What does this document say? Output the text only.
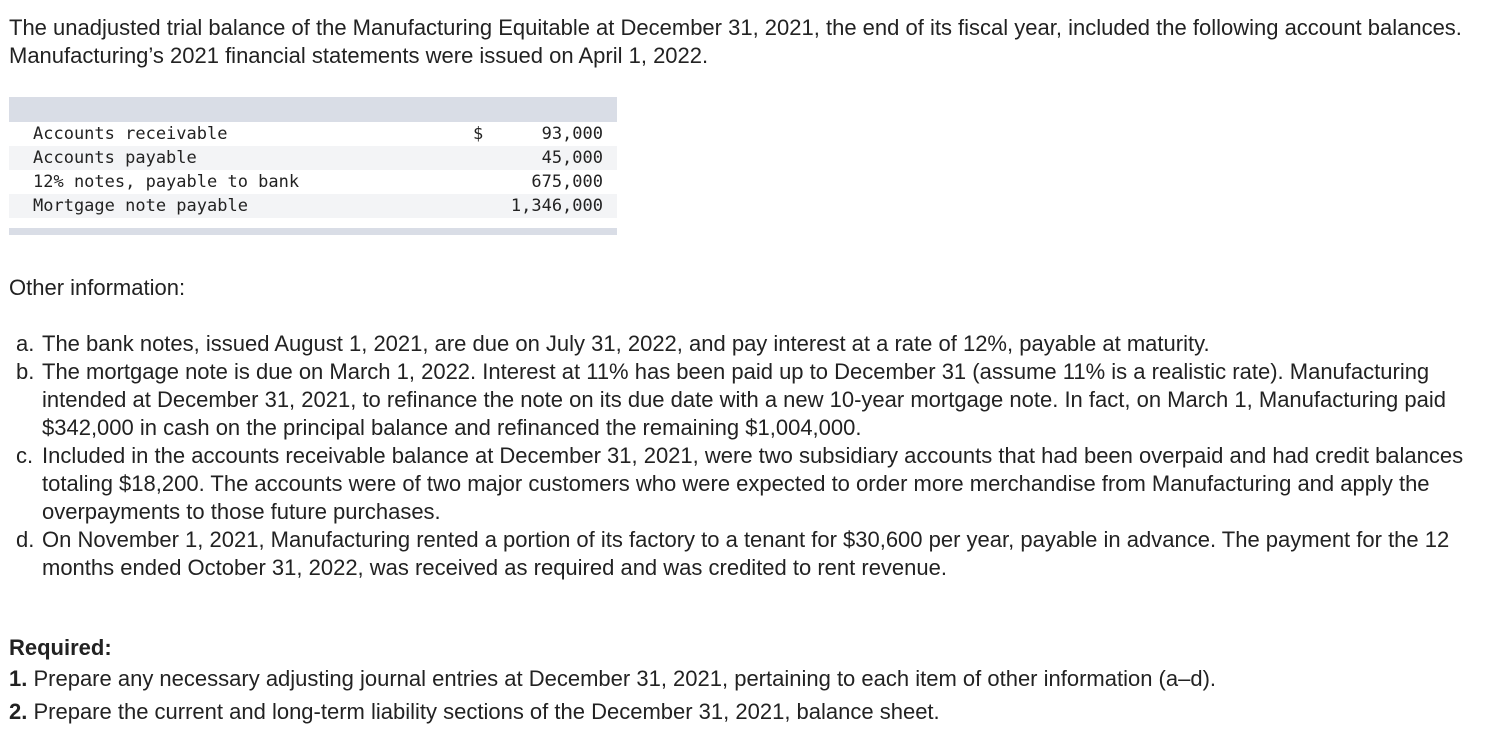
The unadjusted trial balance of the Manufacturing Equitable at December 31, 2021, the end of its fiscal year, included the following account balances. Manufacturing’s 2021 financial statements were issued on April 1, 2022.

Accounts receivable	$	93,000
Accounts payable	45,000
12% notes, payable to bank	675,000
Mortgage note payable	1,346,000

Other information:

a. The bank notes, issued August 1, 2021, are due on July 31, 2022, and pay interest at a rate of 12%, payable at maturity.
b. The mortgage note is due on March 1, 2022. Interest at 11% has been paid up to December 31 (assume 11% is a realistic rate). Manufacturing intended at December 31, 2021, to refinance the note on its due date with a new 10-year mortgage note. In fact, on March 1, Manufacturing paid $342,000 in cash on the principal balance and refinanced the remaining $1,004,000.
c. Included in the accounts receivable balance at December 31, 2021, were two subsidiary accounts that had been overpaid and had credit balances totaling $18,200. The accounts were of two major customers who were expected to order more merchandise from Manufacturing and apply the overpayments to those future purchases.
d. On November 1, 2021, Manufacturing rented a portion of its factory to a tenant for $30,600 per year, payable in advance. The payment for the 12 months ended October 31, 2022, was received as required and was credited to rent revenue.

Required:

1. Prepare any necessary adjusting journal entries at December 31, 2021, pertaining to each item of other information (a–d).

2. Prepare the current and long-term liability sections of the December 31, 2021, balance sheet.
